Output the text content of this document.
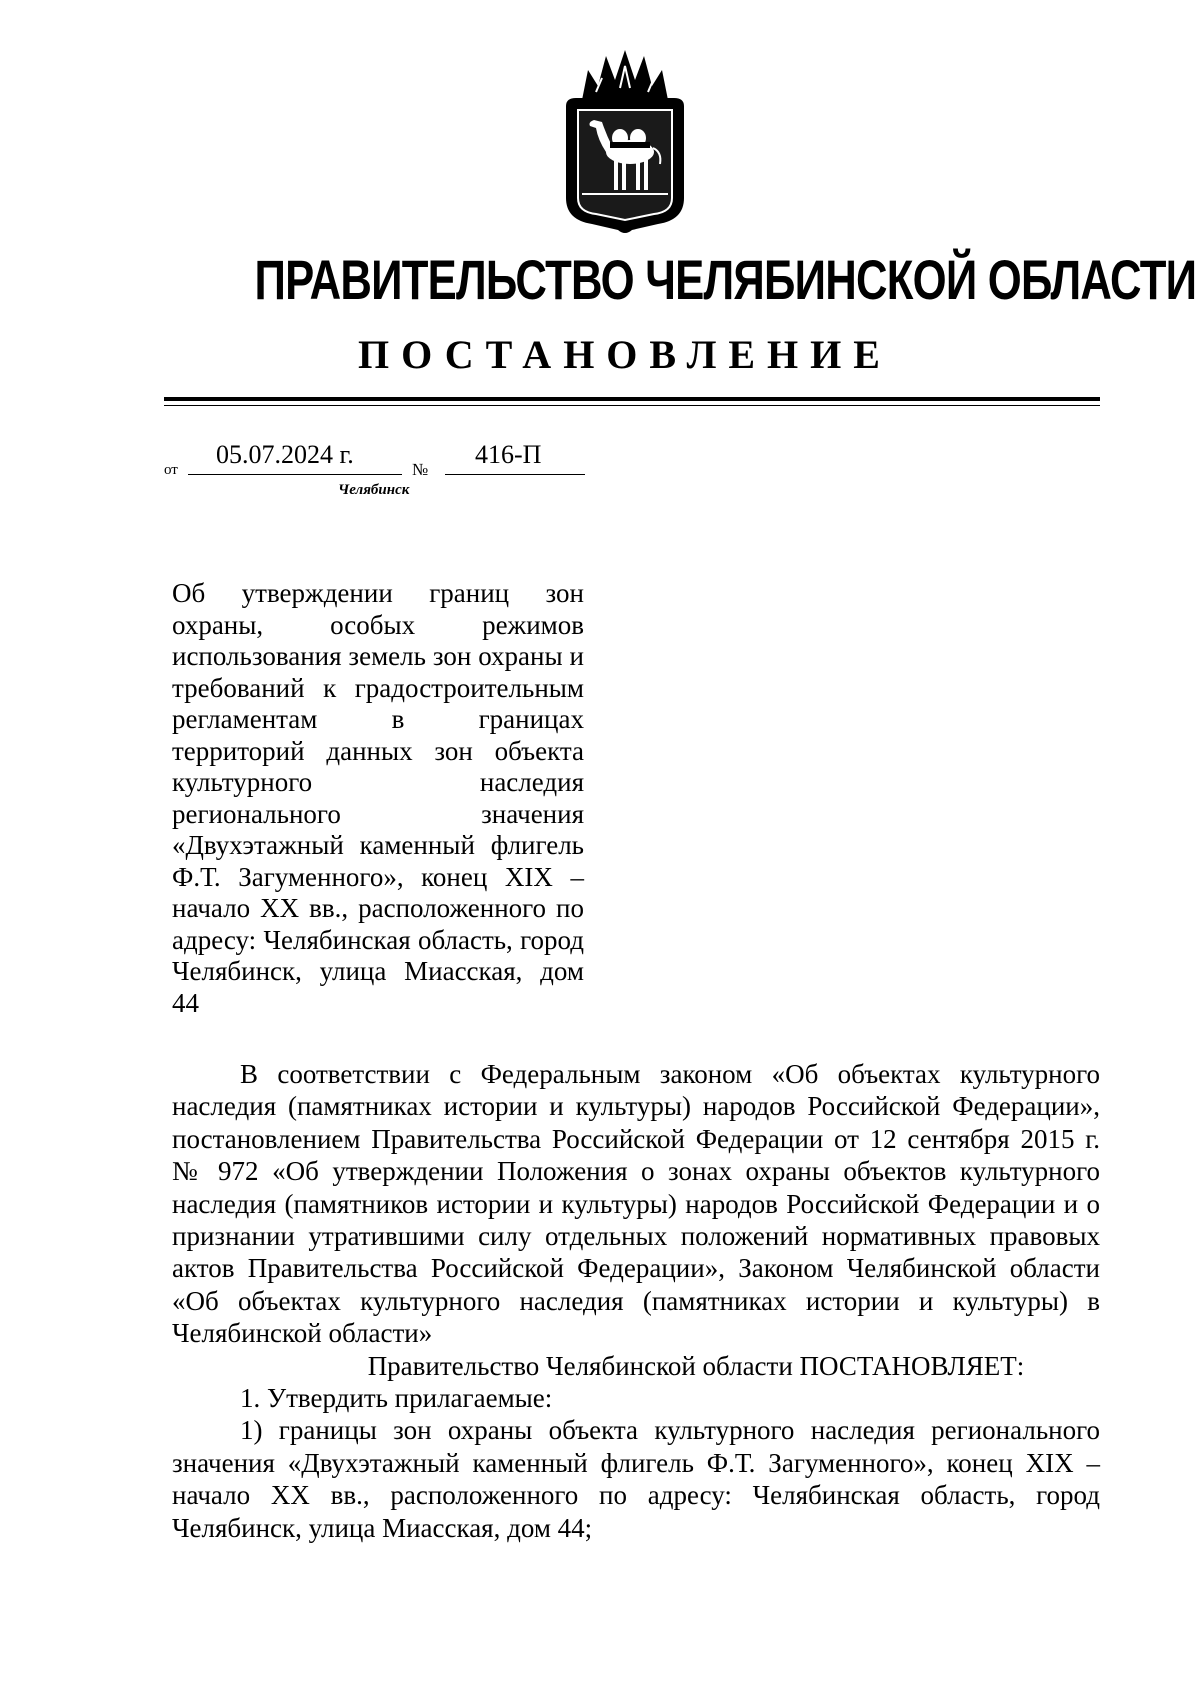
ПРАВИТЕЛЬСТВО ЧЕЛЯБИНСКОЙ ОБЛАСТИ
ПОСТАНОВЛЕНИЕ
от
05.07.2024 г.
№
416-П
Челябинск
Об утверждении границ зон охраны, особых режимов использования земель зон охраны и требований к градостроительным регламентам в границах территорий данных зон объекта культурного наследия регионального значения «Двухэтажный каменный флигель Ф.Т. Загуменного», конец XIX – начало XX вв., расположенного по адресу: Челябинская область, город Челябинск, улица Миасская, дом 44

В соответствии с Федеральным законом «Об объектах культурного наследия (памятниках истории и культуры) народов Российской Федерации», постановлением Правительства Российской Федерации от 12 сентября 2015 г. № 972 «Об утверждении Положения о зонах охраны объектов культурного наследия (памятников истории и культуры) народов Российской Федерации и о признании утратившими силу отдельных положений нормативных правовых актов Правительства Российской Федерации», Законом Челябинской области «Об объектах культурного наследия (памятниках истории и культуры) в Челябинской области»

Правительство Челябинской области ПОСТАНОВЛЯЕТ:

1. Утвердить прилагаемые:

1) границы зон охраны объекта культурного наследия регионального значения «Двухэтажный каменный флигель Ф.Т. Загуменного», конец XIX – начало XX вв., расположенного по адресу: Челябинская область, город Челябинск, улица Миасская, дом 44;
